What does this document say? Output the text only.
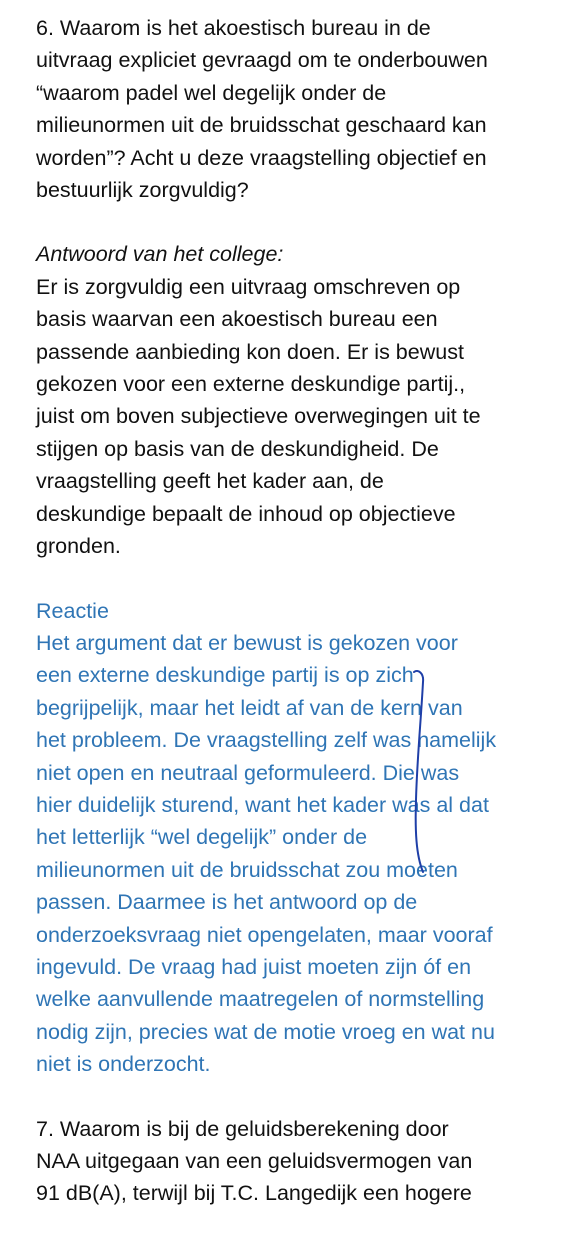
6. Waarom is het akoestisch bureau in de
uitvraag expliciet gevraagd om te onderbouwen
“waarom padel wel degelijk onder de
milieunormen uit de bruidsschat geschaard kan
worden”? Acht u deze vraagstelling objectief en
bestuurlijk zorgvuldig?
Antwoord van het college:
Er is zorgvuldig een uitvraag omschreven op
basis waarvan een akoestisch bureau een
passende aanbieding kon doen. Er is bewust
gekozen voor een externe deskundige partij.,
juist om boven subjectieve overwegingen uit te
stijgen op basis van de deskundigheid. De
vraagstelling geeft het kader aan, de
deskundige bepaalt de inhoud op objectieve
gronden.
Reactie
Het argument dat er bewust is gekozen voor
een externe deskundige partij is op zich
begrijpelijk, maar het leidt af van de kern van
het probleem. De vraagstelling zelf was namelijk
niet open en neutraal geformuleerd. Die was
hier duidelijk sturend, want het kader was al dat
het letterlijk “wel degelijk” onder de
milieunormen uit de bruidsschat zou moeten
passen. Daarmee is het antwoord op de
onderzoeksvraag niet opengelaten, maar vooraf
ingevuld. De vraag had juist moeten zijn óf en
welke aanvullende maatregelen of normstelling
nodig zijn, precies wat de motie vroeg en wat nu
niet is onderzocht.
7. Waarom is bij de geluidsberekening door
NAA uitgegaan van een geluidsvermogen van
91 dB(A), terwijl bij T.C. Langedijk een hogere
